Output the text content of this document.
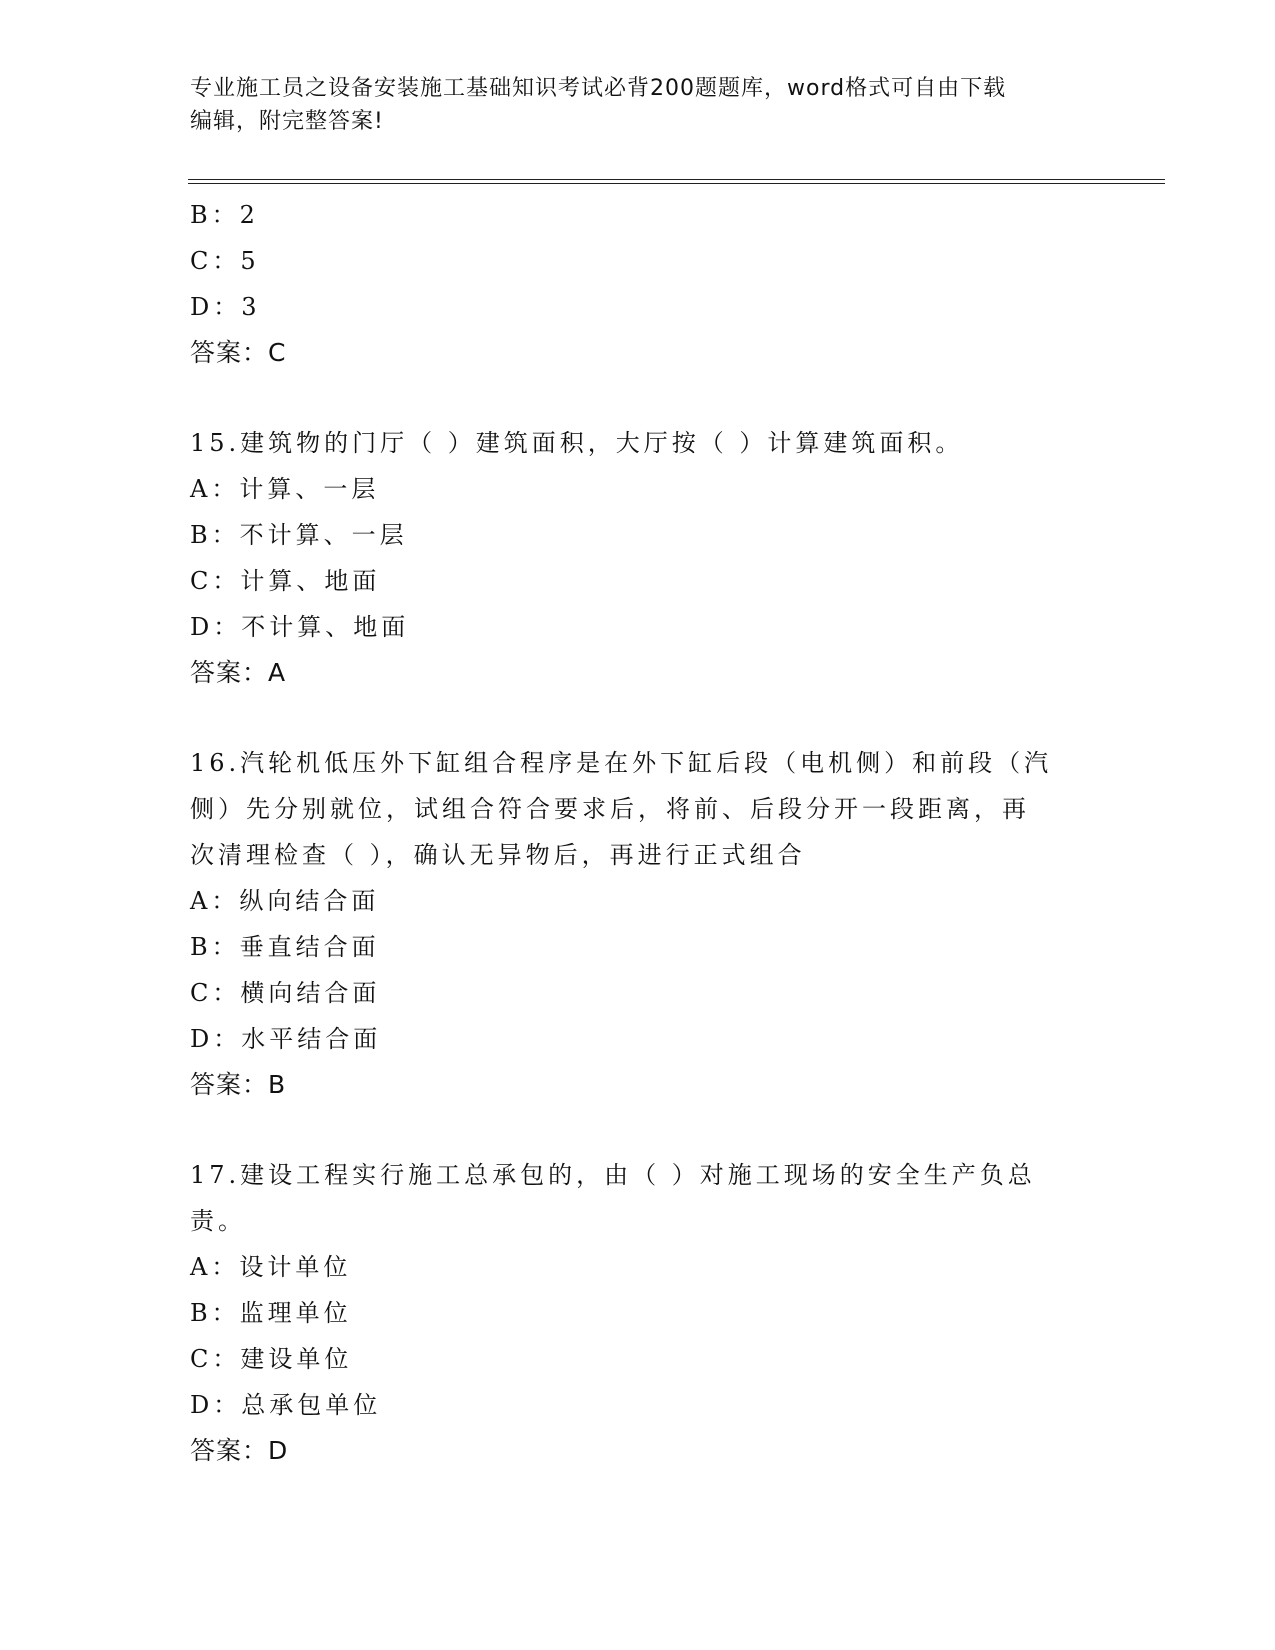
专业施工员之设备安装施工基础知识考试必背200题题库，word格式可自由下载
编辑，附完整答案!
B：2
C：5
D：3
答案：C
15.建筑物的门厅（ ）建筑面积，大厅按（ ）计算建筑面积。
A：计算、一层
B：不计算、一层
C：计算、地面
D：不计算、地面
答案：A
16.汽轮机低压外下缸组合程序是在外下缸后段（电机侧）和前段（汽
侧）先分别就位，试组合符合要求后，将前、后段分开一段距离，再
次清理检查（ ），确认无异物后，再进行正式组合
A：纵向结合面
B：垂直结合面
C：横向结合面
D：水平结合面
答案：B
17.建设工程实行施工总承包的，由（ ）对施工现场的安全生产负总
责。
A：设计单位
B：监理单位
C：建设单位
D：总承包单位
答案：D
